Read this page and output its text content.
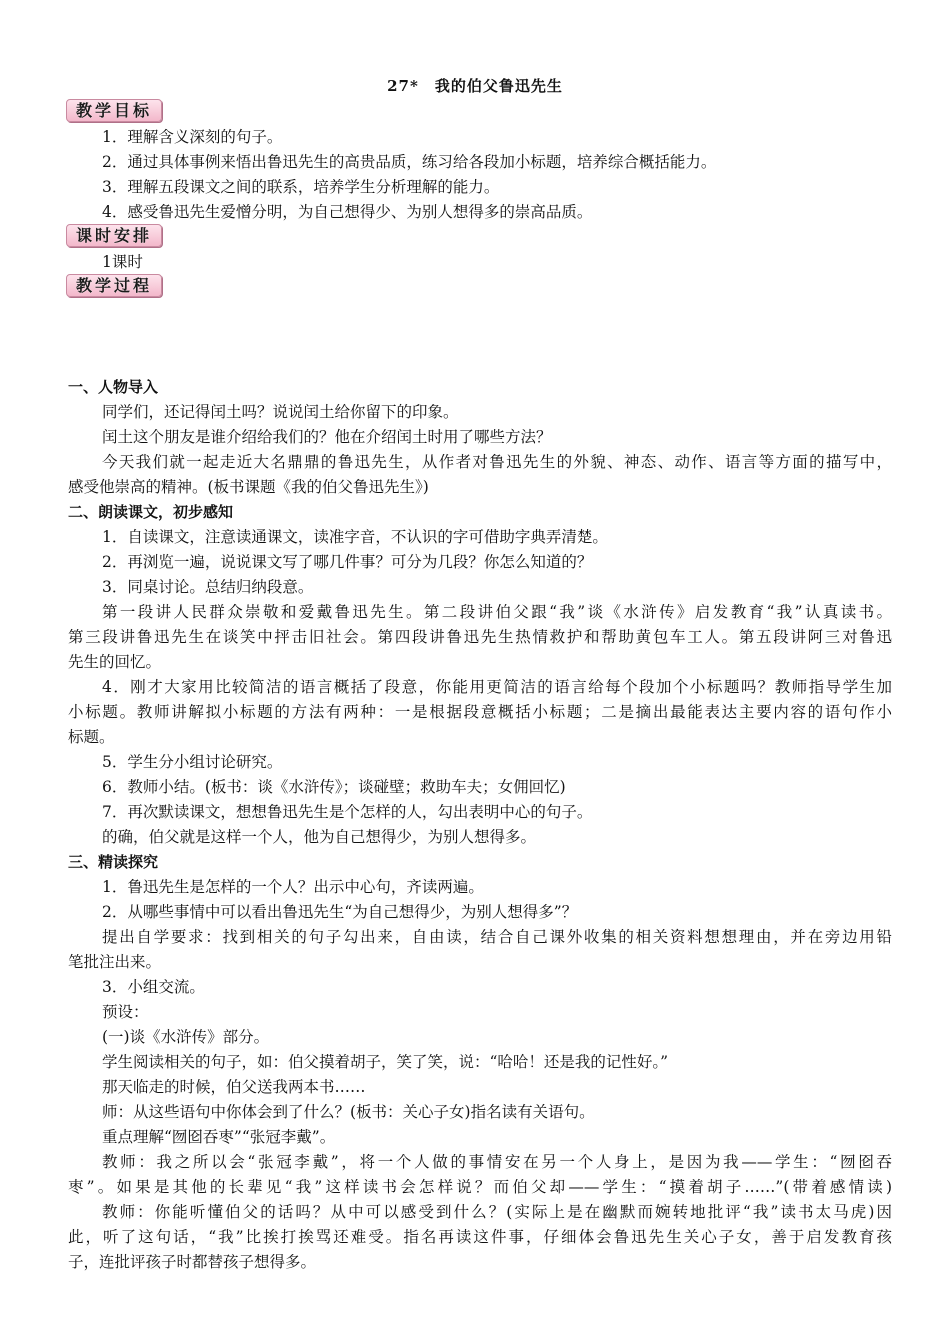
27*　我的伯父鲁迅先生
教学目标
1．理解含义深刻的句子。
2．通过具体事例来悟出鲁迅先生的高贵品质，练习给各段加小标题，培养综合概括能力。
3．理解五段课文之间的联系，培养学生分析理解的能力。
4．感受鲁迅先生爱憎分明，为自己想得少、为别人想得多的崇高品质。
课时安排
1课时
教学过程
一、人物导入
同学们，还记得闰土吗？说说闰土给你留下的印象。
闰土这个朋友是谁介绍给我们的？他在介绍闰土时用了哪些方法？
今天我们就一起走近大名鼎鼎的鲁迅先生，从作者对鲁迅先生的外貌、神态、动作、语言等方面的描写中，
感受他崇高的精神。(板书课题《我的伯父鲁迅先生》)
二、朗读课文，初步感知
1．自读课文，注意读通课文，读准字音，不认识的字可借助字典弄清楚。
2．再浏览一遍，说说课文写了哪几件事？可分为几段？你怎么知道的？
3．同桌讨论。总结归纳段意。
第一段讲人民群众崇敬和爱戴鲁迅先生。第二段讲伯父跟“我”谈《水浒传》启发教育“我”认真读书。
第三段讲鲁迅先生在谈笑中抨击旧社会。第四段讲鲁迅先生热情救护和帮助黄包车工人。第五段讲阿三对鲁迅
先生的回忆。
4．刚才大家用比较简洁的语言概括了段意，你能用更简洁的语言给每个段加个小标题吗？教师指导学生加
小标题。教师讲解拟小标题的方法有两种：一是根据段意概括小标题；二是摘出最能表达主要内容的语句作小
标题。
5．学生分小组讨论研究。
6．教师小结。(板书：谈《水浒传》；谈碰壁；救助车夫；女佣回忆)
7．再次默读课文，想想鲁迅先生是个怎样的人，勾出表明中心的句子。
的确，伯父就是这样一个人，他为自己想得少，为别人想得多。
三、精读探究
1．鲁迅先生是怎样的一个人？出示中心句，齐读两遍。
2．从哪些事情中可以看出鲁迅先生“为自己想得少，为别人想得多”？
提出自学要求：找到相关的句子勾出来，自由读，结合自己课外收集的相关资料想想理由，并在旁边用铅
笔批注出来。
3．小组交流。
预设：
(一)谈《水浒传》部分。
学生阅读相关的句子，如：伯父摸着胡子，笑了笑，说：“哈哈！还是我的记性好。”
那天临走的时候，伯父送我两本书……
师：从这些语句中你体会到了什么？(板书：关心子女)指名读有关语句。
重点理解“囫囵吞枣”“张冠李戴”。
教师：我之所以会“张冠李戴”，将一个人做的事情安在另一个人身上，是因为我——学生：“囫囵吞
枣”。如果是其他的长辈见“我”这样读书会怎样说？而伯父却——学生：“摸着胡子……”(带着感情读)
教师：你能听懂伯父的话吗？从中可以感受到什么？(实际上是在幽默而婉转地批评“我”读书太马虎)因
此，听了这句话，“我”比挨打挨骂还难受。指名再读这件事，仔细体会鲁迅先生关心子女，善于启发教育孩
子，连批评孩子时都替孩子想得多。
